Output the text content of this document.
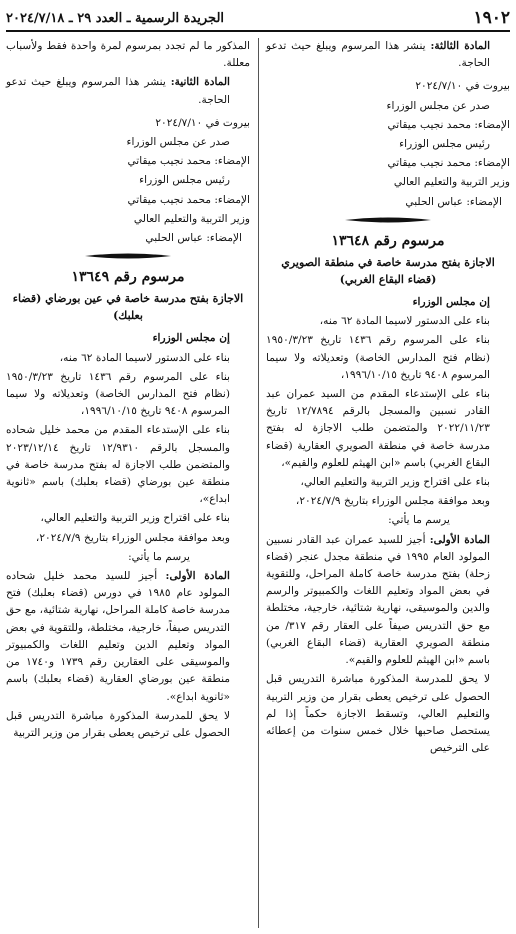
١٩٠٢
الجريدة الرسمية ـ العدد ٢٩ ـ ٢٠٢٤/٧/١٨

المادة الثالثة: ينشر هذا المرسوم ويبلغ حيث تدعو الحاجة.

بيروت في ٢٠٢٤/٧/١٠

صدر عن مجلس الوزراء

الإمضاء: محمد نجيب ميقاتي

رئيس مجلس الوزراء

الإمضاء: محمد نجيب ميقاتي

وزير التربية والتعليم العالي

الإمضاء: عباس الحلبي

مرسوم رقم ١٣٦٤٨
الاجازة بفتح مدرسة خاصة في منطقة الصويري (قضاء البقاع الغربي)

إن مجلس الوزراء

بناء على الدستور لاسيما المادة ٦٢ منه،

بناء على المرسوم رقم ١٤٣٦ تاريخ ١٩٥٠/٣/٢٣ (نظام فتح المدارس الخاصة) وتعديلاته ولا سيما المرسوم ٩٤٠٨ تاريخ ١٩٩٦/١٠/١٥،

بناء على الإستدعاء المقدم من السيد عمران عبد القادر نسبين والمسجل بالرقم ١٢/٧٨٩٤ تاريخ ٢٠٢٢/١١/٢٣ والمتضمن طلب الاجازة له بفتح مدرسة خاصة في منطقة الصويري العقارية (قضاء البقاع الغربي) باسم «ابن الهيثم للعلوم والقيم»،

بناء على اقتراح وزير التربية والتعليم العالي،

وبعد موافقة مجلس الوزراء بتاريخ ٢٠٢٤/٧/٩،

يرسم ما يأتي:

المادة الأولى: أجيز للسيد عمران عبد القادر نسبين المولود العام ١٩٩٥ في منطقة مجدل عنجر (قضاء زحلة) بفتح مدرسة خاصة كاملة المراحل، وللتقوية في بعض المواد وتعليم اللغات والكمبيوتر والرسم والدين والموسيقى، نهارية شتائية، خارجية، مختلطة مع حق التدريس صيفاً على العقار رقم ٣١٧/ من منطقة الصويري العقارية (قضاء البقاع الغربي) باسم «ابن الهيثم للعلوم والقيم».

لا يحق للمدرسة المذكورة مباشرة التدريس قبل الحصول على ترخيص يعطى بقرار من وزير التربية والتعليم العالي، وتسقط الاجازة حكماً إذا لم يستحصل صاحبها خلال خمس سنوات من إعطائه على الترخيص

المذكور ما لم تجدد بمرسوم لمرة واحدة فقط ولأسباب معللة.

المادة الثانية: ينشر هذا المرسوم ويبلغ حيث تدعو الحاجة.

بيروت في ٢٠٢٤/٧/١٠

صدر عن مجلس الوزراء

الإمضاء: محمد نجيب ميقاتي

رئيس مجلس الوزراء

الإمضاء: محمد نجيب ميقاتي

وزير التربية والتعليم العالي

الإمضاء: عباس الحلبي

مرسوم رقم ١٣٦٤٩
الاجازة بفتح مدرسة خاصة في عين بورضاي (قضاء بعلبك)

إن مجلس الوزراء

بناء على الدستور لاسيما المادة ٦٢ منه،

بناء على المرسوم رقم ١٤٣٦ تاريخ ١٩٥٠/٣/٢٣ (نظام فتح المدارس الخاصة) وتعديلاته ولا سيما المرسوم ٩٤٠٨ تاريخ ١٩٩٦/١٠/١٥،

بناء على الإستدعاء المقدم من محمد خليل شحاده والمسجل بالرقم ١٢/٩٣١٠ تاريخ ٢٠٢٣/١٢/١٤ والمتضمن طلب الاجازة له بفتح مدرسة خاصة في منطقة عين بورضاي (قضاء بعلبك) باسم «ثانوية ابداع»،

بناء على اقتراح وزير التربية والتعليم العالي،

وبعد موافقة مجلس الوزراء بتاريخ ٢٠٢٤/٧/٩،

يرسم ما يأتي:

المادة الأولى: أجيز للسيد محمد خليل شحاده المولود عام ١٩٨٥ في دورس (قضاء بعلبك) فتح مدرسة خاصة كاملة المراحل، نهارية شتائية، مع حق التدريس صيفاً، خارجية، مختلطة، وللتقوية في بعض المواد وتعليم الدين وتعليم اللغات والكمبيوتر والموسيقى على العقارين رقم ١٧٣٩ و١٧٤٠ من منطقة عين بورضاي العقارية (قضاء بعلبك) باسم «ثانوية ابداع».

لا يحق للمدرسة المذكورة مباشرة التدريس قبل الحصول على ترخيص يعطى بقرار من وزير التربية
